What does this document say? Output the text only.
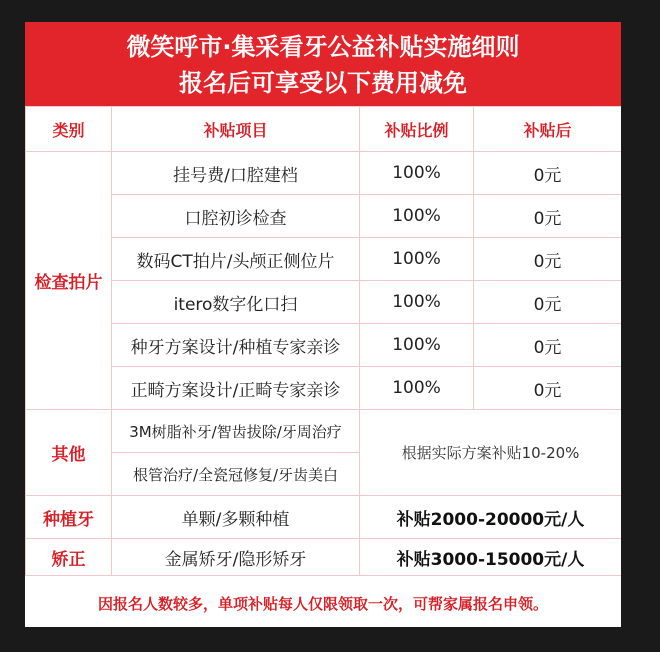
微笑呼市·集采看牙公益补贴实施细则
报名后可享受以下费用减免
类别	补贴项目	补贴比例	补贴后
检查拍片	挂号费/口腔建档	100%	0元
	口腔初诊检查	100%	0元
	数码CT拍片/头颅正侧位片	100%	0元
	itero数字化口扫	100%	0元
	种牙方案设计/种植专家亲诊	100%	0元
	正畸方案设计/正畸专家亲诊	100%	0元
其他	3M树脂补牙/智齿拔除/牙周治疗	根据实际方案补贴10-20%	
	根管治疗/全瓷冠修复/牙齿美白		
种植牙	单颗/多颗种植	补贴2000-20000元/人	
矫正	金属矫牙/隐形矫牙	补贴3000-15000元/人	
因报名人数较多，单项补贴每人仅限领取一次，可帮家属报名申领。
